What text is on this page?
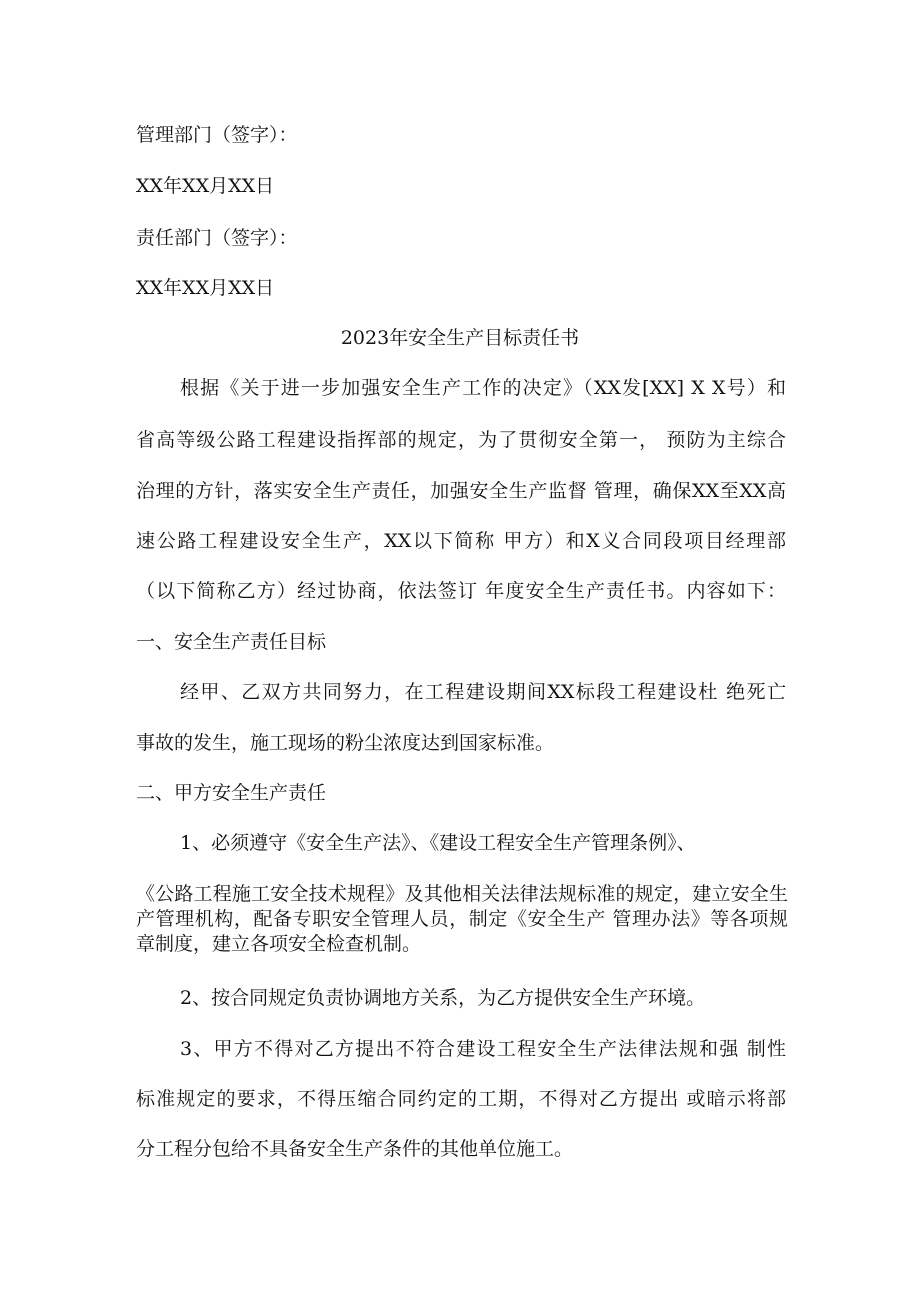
管理部门（签字）：
XX年XX月XX日
责任部门（签字）：
XX年XX月XX日
2023年安全生产目标责任书
根据《关于进一步加强安全生产工作的决定》（XX发[XX] X X号）和
省高等级公路工程建设指挥部的规定，为了贯彻安全第一， 预防为主综合
治理的方针，落实安全生产责任，加强安全生产监督 管理，确保XX至XX高
速公路工程建设安全生产，XX以下简称 甲方）和X义合同段项目经理部
（以下简称乙方）经过协商，依法签订 年度安全生产责任书。内容如下：
一、安全生产责任目标
经甲、乙双方共同努力，在工程建设期间XX标段工程建设杜 绝死亡
事故的发生，施工现场的粉尘浓度达到国家标准。
二、甲方安全生产责任
1、必须遵守《安全生产法》、《建设工程安全生产管理条例》、
《公路工程施工安全技术规程》及其他相关法律法规标准的规定，建立安全生产管理机构，配备专职安全管理人员，制定《安全生产 管理办法》等各项规章制度，建立各项安全检查机制。
2、按合同规定负责协调地方关系，为乙方提供安全生产环境。
3、甲方不得对乙方提出不符合建设工程安全生产法律法规和强 制性
标准规定的要求，不得压缩合同约定的工期，不得对乙方提出 或暗示将部
分工程分包给不具备安全生产条件的其他单位施工。
